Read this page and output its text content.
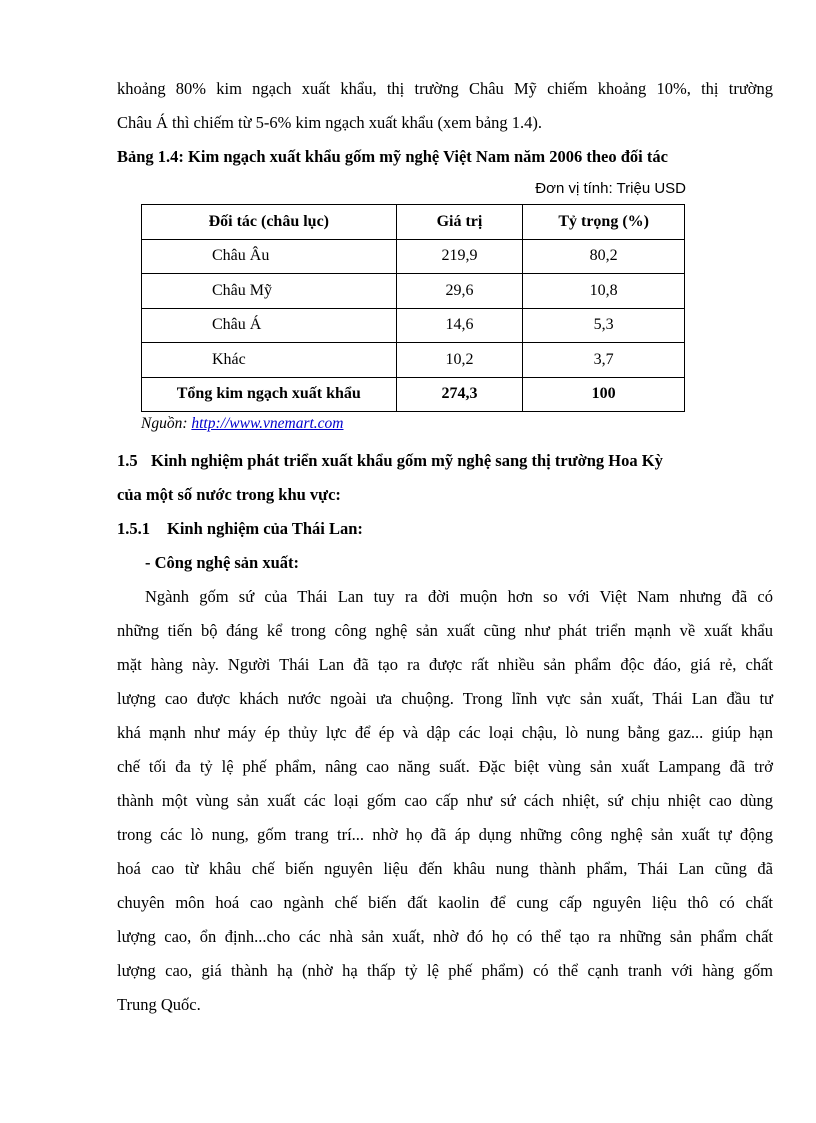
khoảng 80% kim ngạch xuất khẩu, thị trường Châu Mỹ chiếm khoảng 10%, thị trường
Châu Á thì chiếm từ 5-6% kim ngạch xuất khẩu (xem bảng 1.4).

Bảng 1.4: Kim ngạch xuất khẩu gốm mỹ nghệ Việt Nam năm 2006 theo đối tác

Đơn vị tính: Triệu USD

Đối tác (châu lục)	Giá trị	Tỷ trọng (%)
Châu Âu	219,9	80,2
Châu Mỹ	29,6	10,8
Châu Á	14,6	5,3
Khác	10,2	3,7
Tổng kim ngạch xuất khẩu	274,3	100

Nguồn: http://www.vnemart.com

1.5 Kinh nghiệm phát triển xuất khẩu gốm mỹ nghệ sang thị trường Hoa Kỳ

của một số nước trong khu vực:

1.5.1 Kinh nghiệm của Thái Lan:

- Công nghệ sản xuất:

Ngành gốm sứ của Thái Lan tuy ra đời muộn hơn so với Việt Nam nhưng đã có
những tiến bộ đáng kể trong công nghệ sản xuất cũng như phát triển mạnh về xuất khẩu
mặt hàng này. Người Thái Lan đã tạo ra được rất nhiều sản phẩm độc đáo, giá rẻ, chất
lượng cao được khách nước ngoài ưa chuộng. Trong lĩnh vực sản xuất, Thái Lan đầu tư
khá mạnh như máy ép thủy lực để ép và dập các loại chậu, lò nung bằng gaz... giúp hạn
chế tối đa tỷ lệ phế phẩm, nâng cao năng suất. Đặc biệt vùng sản xuất Lampang đã trở
thành một vùng sản xuất các loại gốm cao cấp như sứ cách nhiệt, sứ chịu nhiệt cao dùng
trong các lò nung, gốm trang trí... nhờ họ đã áp dụng những công nghệ sản xuất tự động
hoá cao từ khâu chế biến nguyên liệu đến khâu nung thành phẩm, Thái Lan cũng đã
chuyên môn hoá cao ngành chế biến đất kaolin để cung cấp nguyên liệu thô có chất
lượng cao, ổn định...cho các nhà sản xuất, nhờ đó họ có thể tạo ra những sản phẩm chất
lượng cao, giá thành hạ (nhờ hạ thấp tỷ lệ phế phẩm) có thể cạnh tranh với hàng gốm
Trung Quốc.
